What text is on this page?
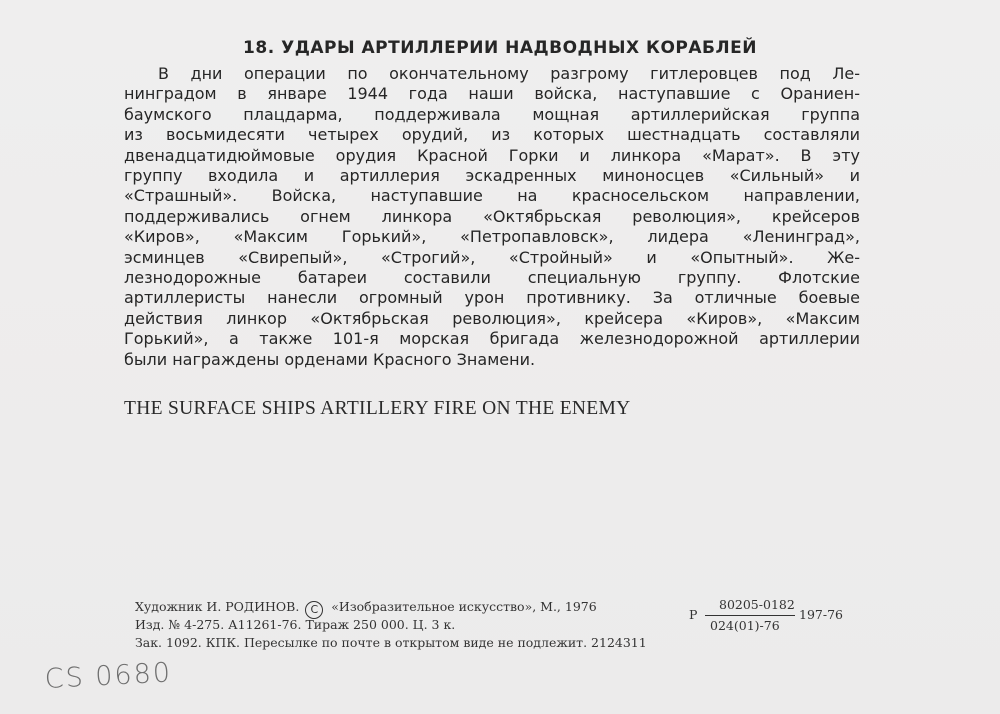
18. УДАРЫ АРТИЛЛЕРИИ НАДВОДНЫХ КОРАБЛЕЙ
В дни операции по окончательному разгрому гитлеровцев под Ле-
нинградом в январе 1944 года наши войска, наступавшие с Ораниен-
баумского плацдарма, поддерживала мощная артиллерийская группа
из восьмидесяти четырех орудий, из которых шестнадцать составляли
двенадцатидюймовые орудия Красной Горки и линкора «Марат». В эту
группу входила и артиллерия эскадренных миноносцев «Сильный» и
«Страшный». Войска, наступавшие на красносельском направлении,
поддерживались огнем линкора «Октябрьская революция», крейсеров
«Киров», «Максим Горький», «Петропавловск», лидера «Ленинград»,
эсминцев «Свирепый», «Строгий», «Стройный» и «Опытный». Же-
лезнодорожные батареи составили специальную группу. Флотские
артиллеристы нанесли огромный урон противнику. За отличные боевые
действия линкор «Октябрьская революция», крейсера «Киров», «Максим
Горький», а также 101-я морская бригада железнодорожной артиллерии
были награждены орденами Красного Знамени.
THE SURFACE SHIPS ARTILLERY FIRE ON THE ENEMY
Художник И. РОДИНОВ. C «Изобразительное искусство», М., 1976
Изд. № 4-275. А11261-76. Тираж 250 000. Ц. 3 к.
Зак. 1092. КПК. Пересылке по почте в открытом виде не подлежит. 2124311
Р
80205-0182
024(01)-76
197-76
CS 0680
